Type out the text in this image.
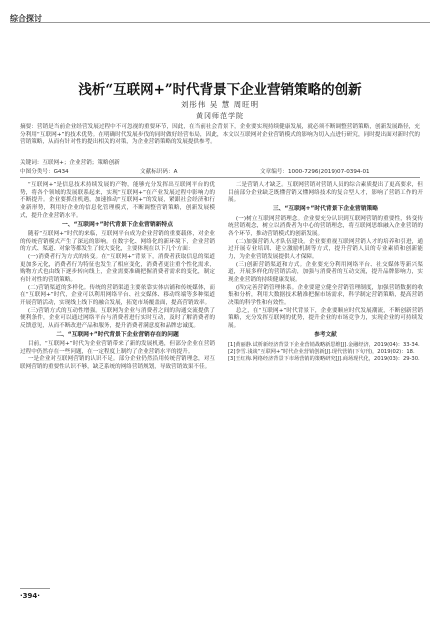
综合探讨
浅析“互联网+”时代背景下企业营销策略的创新
刘彤伟 吴 慧 周旺明
黄冈师范学院
摘要：营销是当前企业经营发展过程中不可忽视的重要环节，因此，在当前社会背景下，企业要实现持续健康发展，就必须不断调整营销策略，创新发展路径，充分利用“互联网+”的技术优势。在明确时代发展步伐的同时做好经营布局，因此，本文以互联网对企业营销模式的影响为切入点进行研究，同时提出面对新时代的营销策略，从而有针对性的提出相关的对策，为企业营销策略的发展提供参考。
关键词：互联网+；企业营销；策略创新
中图分类号：G434	文献标识码：A	文章编号：1000-7296(2019)07-0394-01

“互联网+”是信息技术持续发展的产物，能够充分发挥出互联网平台的优势，将各个领域的发展联系起来，实现“互联网+”在产业发展过程中影响力的不断提升。企业要抓住机遇，加速推动“互联网+”的发展，紧跟社会经济和行业新形势，利用好企业的信息化管理模式，不断调整营销策略，创新发展模式，提升企业营销水平。

一、“互联网+”时代背景下企业营销新特点

随着“互联网+”时代的来临，互联网平台成为企业营销的重要载体，对企业的传统营销模式产生了深远的影响。在数字化、网络化的新环境下，企业营销的方式、渠道、对象等都发生了较大变化，主要体现在以下几个方面：

(一)消费者行为方式的转变。在“互联网+”背景下，消费者获取信息的渠道更加多元化，消费者行为特征也发生了相应变化，消费者更注重个性化需求，购物方式也由线下逐步转向线上，企业需要准确把握消费者需求的变化，制定有针对性的营销策略。

(二)营销渠道的多样化。传统的营销渠道主要依靠实体店铺和传统媒体，而在“互联网+”时代，企业可以利用网络平台、社交媒体、移动终端等多种渠道开展营销活动，实现线上线下的融合发展，拓宽市场覆盖面，提高营销效率。

(三)营销方式的互动性增强。互联网为企业与消费者之间的沟通交流提供了便利条件，企业可以通过网络平台与消费者进行实时互动，及时了解消费者的反馈意见，从而不断改进产品和服务，提升消费者满意度和品牌忠诚度。

二、“互联网+”时代背景下企业营销存在的问题

目前，“互联网+”时代为企业营销带来了新的发展机遇，但部分企业在营销过程中仍然存在一些问题，在一定程度上制约了企业营销水平的提升。

一是企业对互联网营销的认识不足。部分企业仍然沿用传统营销理念，对互联网营销的重要性认识不够，缺乏系统的网络营销规划，导致营销效果不佳。

二是营销人才缺乏。互联网营销对营销人员的综合素质提出了更高要求，但目前部分企业缺乏既懂营销又懂网络技术的复合型人才，影响了营销工作的开展。

三、“互联网+”时代背景下企业营销策略

(一)树立互联网营销理念。企业要充分认识到互联网营销的重要性，转变传统营销观念，树立以消费者为中心的营销理念，将互联网思维融入企业营销的各个环节，推动营销模式的创新发展。

(二)加强营销人才队伍建设。企业要重视互联网营销人才的培养和引进，通过开展专业培训、建立激励机制等方式，提升营销人员的专业素质和创新能力，为企业营销发展提供人才保障。

(三)创新营销渠道和方式。企业要充分利用网络平台、社交媒体等新兴渠道，开展多样化的营销活动，加强与消费者的互动交流，提升品牌影响力，实现企业营销的持续健康发展。

(四)完善营销管理体系。企业要建立健全营销管理制度，加强营销数据的收集和分析，利用大数据技术精准把握市场需求，科学制定营销策略，提高营销决策的科学性和有效性。

总之，在“互联网+”时代背景下，企业要顺应时代发展潮流，不断创新营销策略，充分发挥互联网的优势，提升企业的市场竞争力，实现企业的可持续发展。

参考文献

[1]黄丽静.试析新经济背景下企业营销战略新思维[J].金融经济，2019(04)：33-34.

[2]李雪.浅谈“互联网+”时代企业营销创新[J].现代营销(下旬刊)，2019(02)：18.

[3]王红梅.网络经济背景下市场营销的策略研究[J].商场现代化，2019(03)：29-30.

·394·
